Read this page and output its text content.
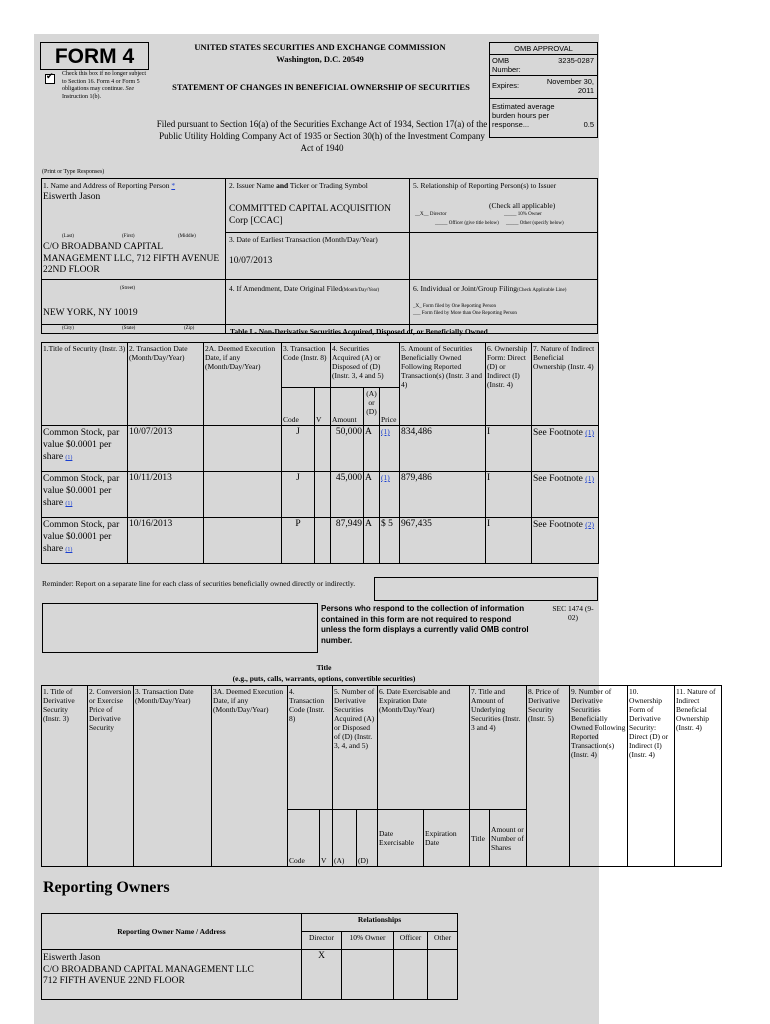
FORM 4
✔ Check this box if no longer subject to Section 16. Form 4 or Form 5 obligations may continue. See Instruction 1(b).
UNITED STATES SECURITIES AND EXCHANGE COMMISSION
Washington, D.C. 20549
STATEMENT OF CHANGES IN BENEFICIAL OWNERSHIP OF SECURITIES
Filed pursuant to Section 16(a) of the Securities Exchange Act of 1934, Section 17(a) of the Public Utility Holding Company Act of 1935 or Section 30(h) of the Investment Company Act of 1940
OMB APPROVAL
OMB Number:
3235-0287
Expires:	November 30, 2011
Estimated average burden hours per response...	0.5
(Print or Type Responses)
1. Name and Address of Reporting Person *
Eiswerth Jason
(Last)	(First)	(Middle)
C/O BROADBAND CAPITAL MANAGEMENT LLC, 712 FIFTH AVENUE 22ND FLOOR
(Street)
NEW YORK, NY 10019
(City)	(State)	(Zip)
2. Issuer Name and Ticker or Trading Symbol
COMMITTED CAPITAL ACQUISITION Corp [CCAC]
3. Date of Earliest Transaction (Month/Day/Year)
10/07/2013
4. If Amendment, Date Original Filed(Month/Day/Year)
5. Relationship of Reporting Person(s) to Issuer
(Check all applicable)
__X__ Director	_____ 10% Owner
_____ Officer (give title below) _____ Other (specify below)
6. Individual or Joint/Group Filing(Check Applicable Line)
_X_ Form filed by One Reporting Person
___ Form filed by More than One Reporting Person
Table I - Non-Derivative Securities Acquired, Disposed of, or Beneficially Owned
1.Title of Security (Instr. 3)	2. Transaction Date (Month/Day/Year)	2A. Deemed Execution Date, if any (Month/Day/Year)	3. Transaction Code (Instr. 8)		4. Securities Acquired (A) or Disposed of (D) (Instr. 3, 4 and 5)			5. Amount of Securities Beneficially Owned Following Reported Transaction(s) (Instr. 3 and 4)	6. Ownership Form: Direct (D) or Indirect (I) (Instr. 4)	7. Nature of Indirect Beneficial Ownership (Instr. 4)
			Code	V	Amount	(A) or (D)	Price			
Common Stock, par value $0.0001 per share (1)	10/07/2013		J		50,000	A	(1)	834,486	I	See Footnote (1)
Common Stock, par value $0.0001 per share (1)	10/11/2013		J		45,000	A	(1)	879,486	I	See Footnote (1)
Common Stock, par value $0.0001 per share (1)	10/16/2013		P		87,949	A	$ 5	967,435	I	See Footnote (2)
Reminder: Report on a separate line for each class of securities beneficially owned directly or indirectly.
Persons who respond to the collection of information contained in this form are not required to respond unless the form displays a currently valid OMB control number.
SEC 1474 (9-02)
Title
(e.g., puts, calls, warrants, options, convertible securities)
1. Title of Derivative Security (Instr. 3)	2. Conversion or Exercise Price of Derivative Security	3. Transaction Date (Month/Day/Year)	3A. Deemed Execution Date, if any (Month/Day/Year)	4. Transaction Code (Instr. 8)		5. Number of Derivative Securities Acquired (A) or Disposed of (D) (Instr. 3, 4, and 5)		6. Date Exercisable and Expiration Date (Month/Day/Year)		7. Title and Amount of Underlying Securities (Instr. 3 and 4)		8. Price of Derivative Security (Instr. 5)	9. Number of Derivative Securities Beneficially Owned Following Reported Transaction(s) (Instr. 4)	10. Ownership Form of Derivative Security: Direct (D) or Indirect (I) (Instr. 4)	11. Nature of Indirect Beneficial Ownership (Instr. 4)
				Code	V	(A)	(D)	Date Exercisable	Expiration Date	Title	Amount or Number of Shares				
Reporting Owners
Reporting Owner Name / Address	Relationships			
	Director	10% Owner	Officer	Other

Eiswerth Jason
C/O BROADBAND CAPITAL MANAGEMENT LLC
712 FIFTH AVENUE 22ND FLOOR	X			
